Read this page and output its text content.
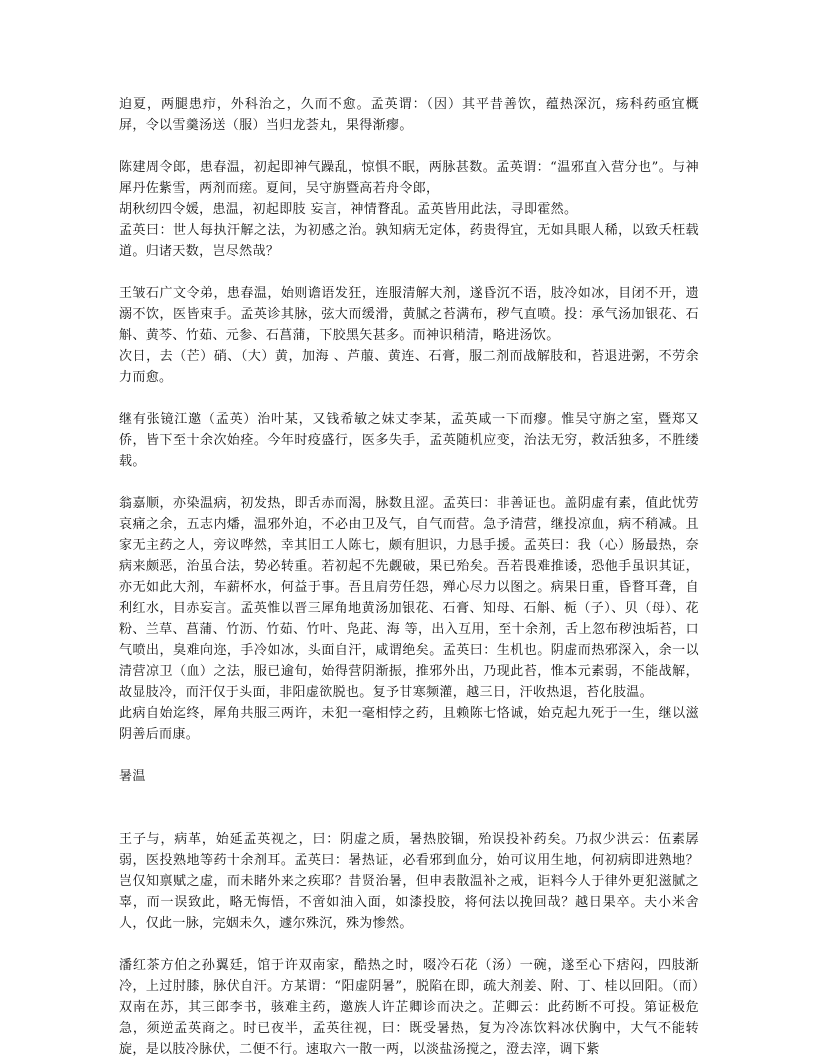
迫夏，两腿患疖，外科治之，久而不愈。孟英谓：（因）其平昔善饮，蕴热深沉，疡科药亟宜概屏，令以雪羹汤送（服）当归龙荟丸，果得渐瘳。

陈建周令郎，患春温，初起即神气躁乱，惊惧不眠，两脉甚数。孟英谓：“温邪直入营分也”。与神犀丹佐紫雪，两剂而瘥。夏间，吴守旃暨高若舟令郎，

胡秋纫四令媛，患温，初起即肢 妄言，神情瞀乱。孟英皆用此法，寻即霍然。

孟英曰：世人每执汗解之法，为初感之治。孰知病无定体，药贵得宜，无如具眼人稀，以致夭枉载道。归诸天数，岂尽然哉？

王皱石广文令弟，患春温，始则谵语发狂，连服清解大剂，遂昏沉不语，肢冷如冰，目闭不开，遗溺不饮，医皆束手。孟英诊其脉，弦大而缓滑，黄腻之苔满布，秽气直喷。投：承气汤加银花、石斛、黄芩、竹茹、元参、石菖蒲，下胶黑矢甚多。而神识稍清，略进汤饮。

次日，去（芒）硝、（大）黄，加海 、芦菔、黄连、石膏，服二剂而战解肢和，苔退进粥，不劳余力而愈。

继有张镜江邀（孟英）治叶某，又钱希敏之妹丈李某，孟英咸一下而瘳。惟吴守旃之室，暨郑又侨，皆下至十余次始痊。今年时疫盛行，医多失手，孟英随机应变，治法无穷，救活独多，不胜缕载。

翁嘉顺，亦染温病，初发热，即舌赤而渴，脉数且涩。孟英曰：非善证也。盖阴虚有素，值此忧劳哀痛之余，五志内燔，温邪外迫，不必由卫及气，自气而营。急予清营，继投凉血，病不稍减。且家无主药之人，旁议哗然，幸其旧工人陈七，颇有胆识，力恳手援。孟英曰：我（心）肠最热，奈病来颇恶，治虽合法，势必转重。若初起不先觑破，果已殆矣。吾若畏难推诿，恐他手虽识其证，亦无如此大剂，车薪杯水，何益于事。吾且肩劳任怨，殚心尽力以图之。病果日重，昏瞀耳聋，自利红水，目赤妄言。孟英惟以晋三犀角地黄汤加银花、石膏、知母、石斛、栀（子）、贝（母）、花粉、兰草、菖蒲、竹沥、竹茹、竹叶、凫茈、海 等，出入互用，至十余剂，舌上忽布秽浊垢苔，口气喷出，臭难向迩，手冷如冰，头面自汗，咸谓绝矣。孟英曰：生机也。阴虚而热邪深入，余一以清营凉卫（血）之法，服已逾旬，始得营阴渐振，推邪外出，乃现此苔，惟本元素弱，不能战解，故显肢冷，而汗仅于头面，非阳虚欲脱也。复予甘寒频灌，越三日，汗收热退，苔化肢温。

此病自始迄终，犀角共服三两许，未犯一毫相悖之药，且赖陈七恪诚，始克起九死于一生，继以滋阴善后而康。

暑温

王子与，病革，始延孟英视之，曰：阴虚之质，暑热胶锢，殆误投补药矣。乃叔少洪云：伍素孱弱，医投熟地等药十余剂耳。孟英曰：暑热证，必看邪到血分，始可议用生地，何初病即进熟地？岂仅知禀赋之虚，而未睹外来之疾耶？昔贤治暑，但申表散温补之戒，讵料今人于律外更犯滋腻之辜，而一误致此，略无悔悟，不啻如油入面，如漆投胶，将何法以挽回哉？越日果卒。夫小米舍人，仅此一脉，完姻未久，遽尔殊沉，殊为惨然。

潘红茶方伯之孙翼廷，馆于许双南家，酷热之时，啜冷石花（汤）一碗，遂至心下痞闷，四肢渐冷，上过肘膝，脉伏自汗。方某谓：“阳虚阴暑”，脱陷在即，疏大剂姜、附、丁、桂以回阳。（而）双南在苏，其三郎李书，骇难主药，邀族人许芷卿诊而决之。芷卿云：此药断不可投。第证极危急，须逆孟英商之。时已夜半，孟英往视，曰：既受暑热，复为冷冻饮料冰伏胸中，大气不能转旋，是以肢冷脉伏，二便不行。速取六一散一两，以淡盐汤搅之，澄去滓，调下紫
